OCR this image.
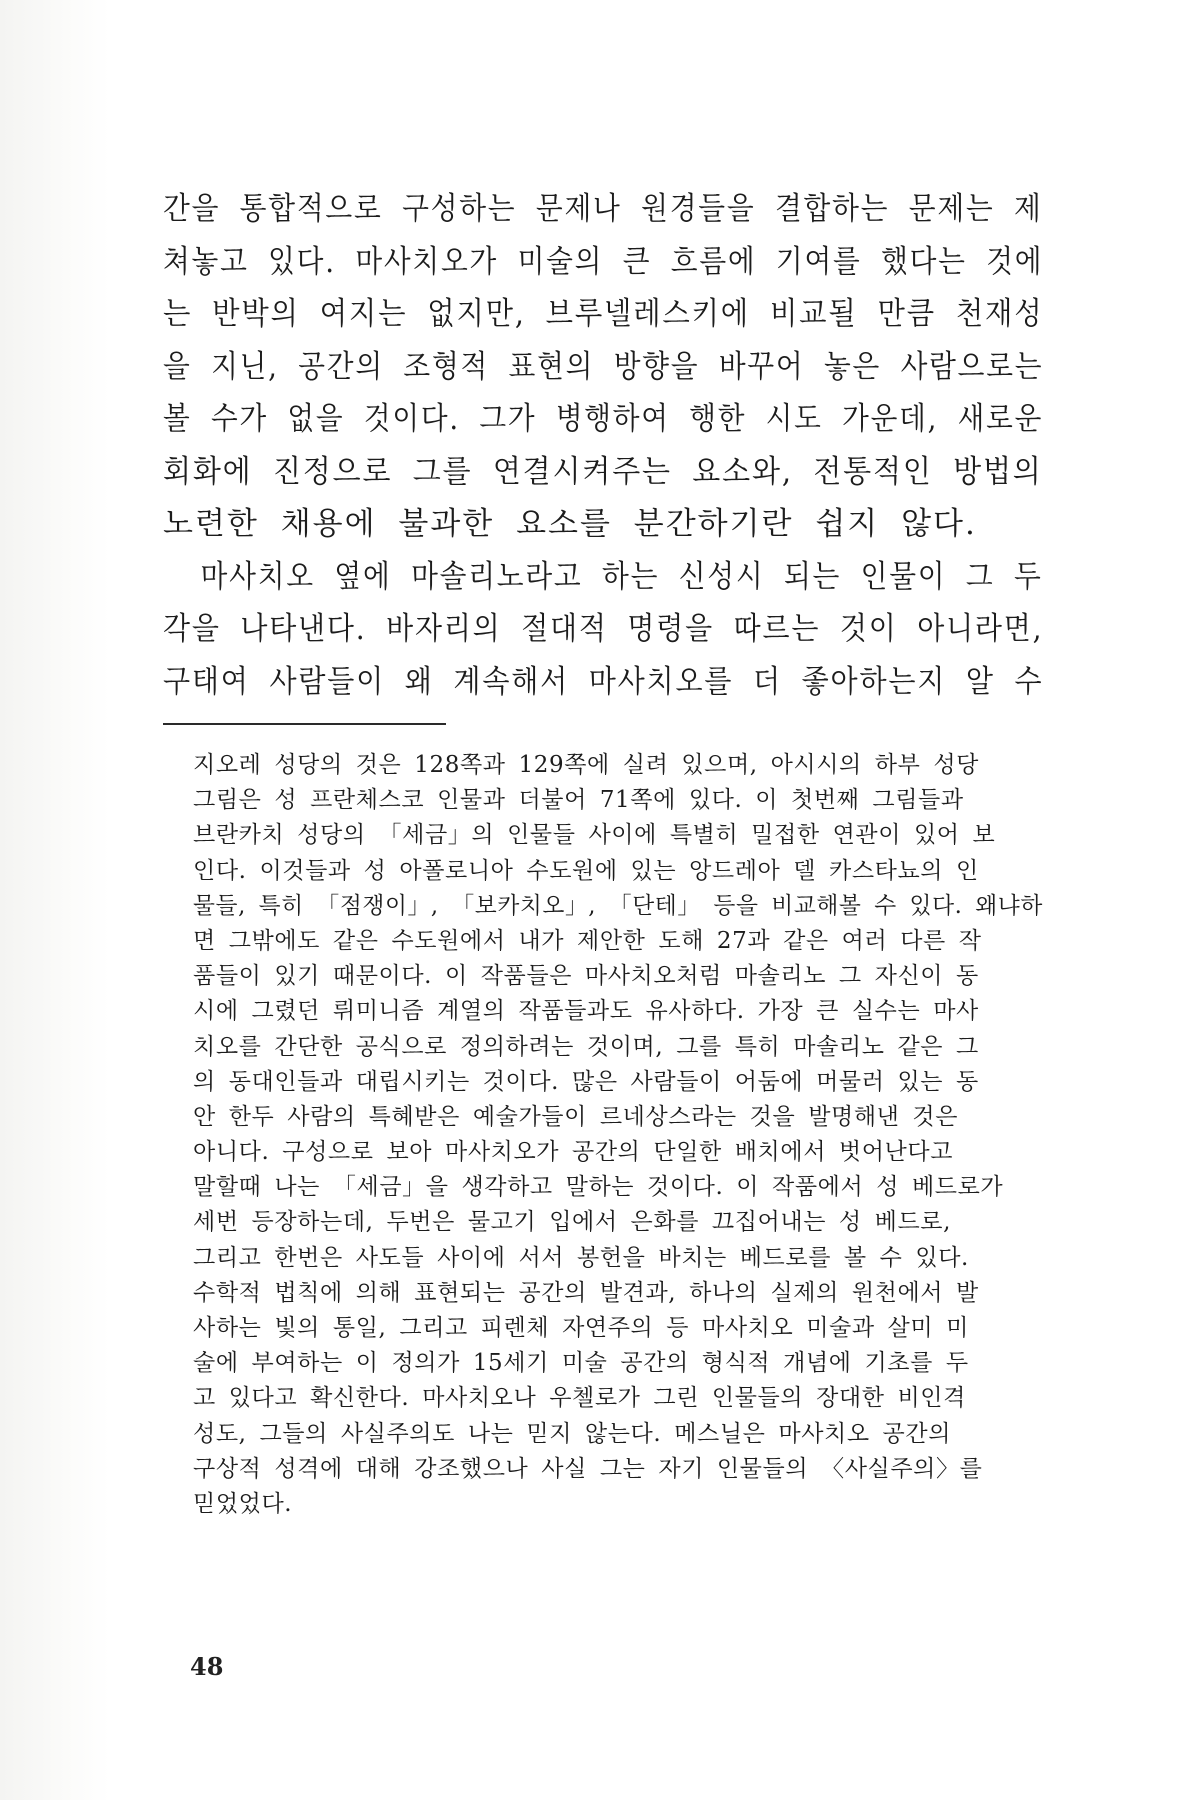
간을 통합적으로 구성하는 문제나 원경들을 결합하는 문제는 제
쳐놓고 있다. 마사치오가 미술의 큰 흐름에 기여를 했다는 것에
는 반박의 여지는 없지만, 브루넬레스키에 비교될 만큼 천재성
을 지닌, 공간의 조형적 표현의 방향을 바꾸어 놓은 사람으로는
볼 수가 없을 것이다. 그가 병행하여 행한 시도 가운데, 새로운
회화에 진정으로 그를 연결시켜주는 요소와, 전통적인 방법의
노련한 채용에 불과한 요소를 분간하기란 쉽지 않다.
마사치오 옆에 마솔리노라고 하는 신성시 되는 인물이 그 두
각을 나타낸다. 바자리의 절대적 명령을 따르는 것이 아니라면,
구태여 사람들이 왜 계속해서 마사치오를 더 좋아하는지 알 수
지오레 성당의 것은 128쪽과 129쪽에 실려 있으며, 아시시의 하부 성당
그림은 성 프란체스코 인물과 더불어 71쪽에 있다. 이 첫번째 그림들과
브란카치 성당의 「세금」의 인물들 사이에 특별히 밀접한 연관이 있어 보
인다. 이것들과 성 아폴로니아 수도원에 있는 앙드레아 델 카스타뇨의 인
물들, 특히 「점쟁이」, 「보카치오」, 「단테」 등을 비교해볼 수 있다. 왜냐하
면 그밖에도 같은 수도원에서 내가 제안한 도해 27과 같은 여러 다른 작
품들이 있기 때문이다. 이 작품들은 마사치오처럼 마솔리노 그 자신이 동
시에 그렸던 뤼미니즘 계열의 작품들과도 유사하다. 가장 큰 실수는 마사
치오를 간단한 공식으로 정의하려는 것이며, 그를 특히 마솔리노 같은 그
의 동대인들과 대립시키는 것이다. 많은 사람들이 어둠에 머물러 있는 동
안 한두 사람의 특혜받은 예술가들이 르네상스라는 것을 발명해낸 것은
아니다. 구성으로 보아 마사치오가 공간의 단일한 배치에서 벗어난다고
말할때 나는 「세금」을 생각하고 말하는 것이다. 이 작품에서 성 베드로가
세번 등장하는데, 두번은 물고기 입에서 은화를 끄집어내는 성 베드로,
그리고 한번은 사도들 사이에 서서 봉헌을 바치는 베드로를 볼 수 있다.
수학적 법칙에 의해 표현되는 공간의 발견과, 하나의 실제의 원천에서 발
사하는 빛의 통일, 그리고 피렌체 자연주의 등 마사치오 미술과 살미 미
술에 부여하는 이 정의가 15세기 미술 공간의 형식적 개념에 기초를 두
고 있다고 확신한다. 마사치오나 우첼로가 그린 인물들의 장대한 비인격
성도, 그들의 사실주의도 나는 믿지 않는다. 메스닐은 마사치오 공간의
구상적 성격에 대해 강조했으나 사실 그는 자기 인물들의 〈사실주의〉를
믿었었다.
48
